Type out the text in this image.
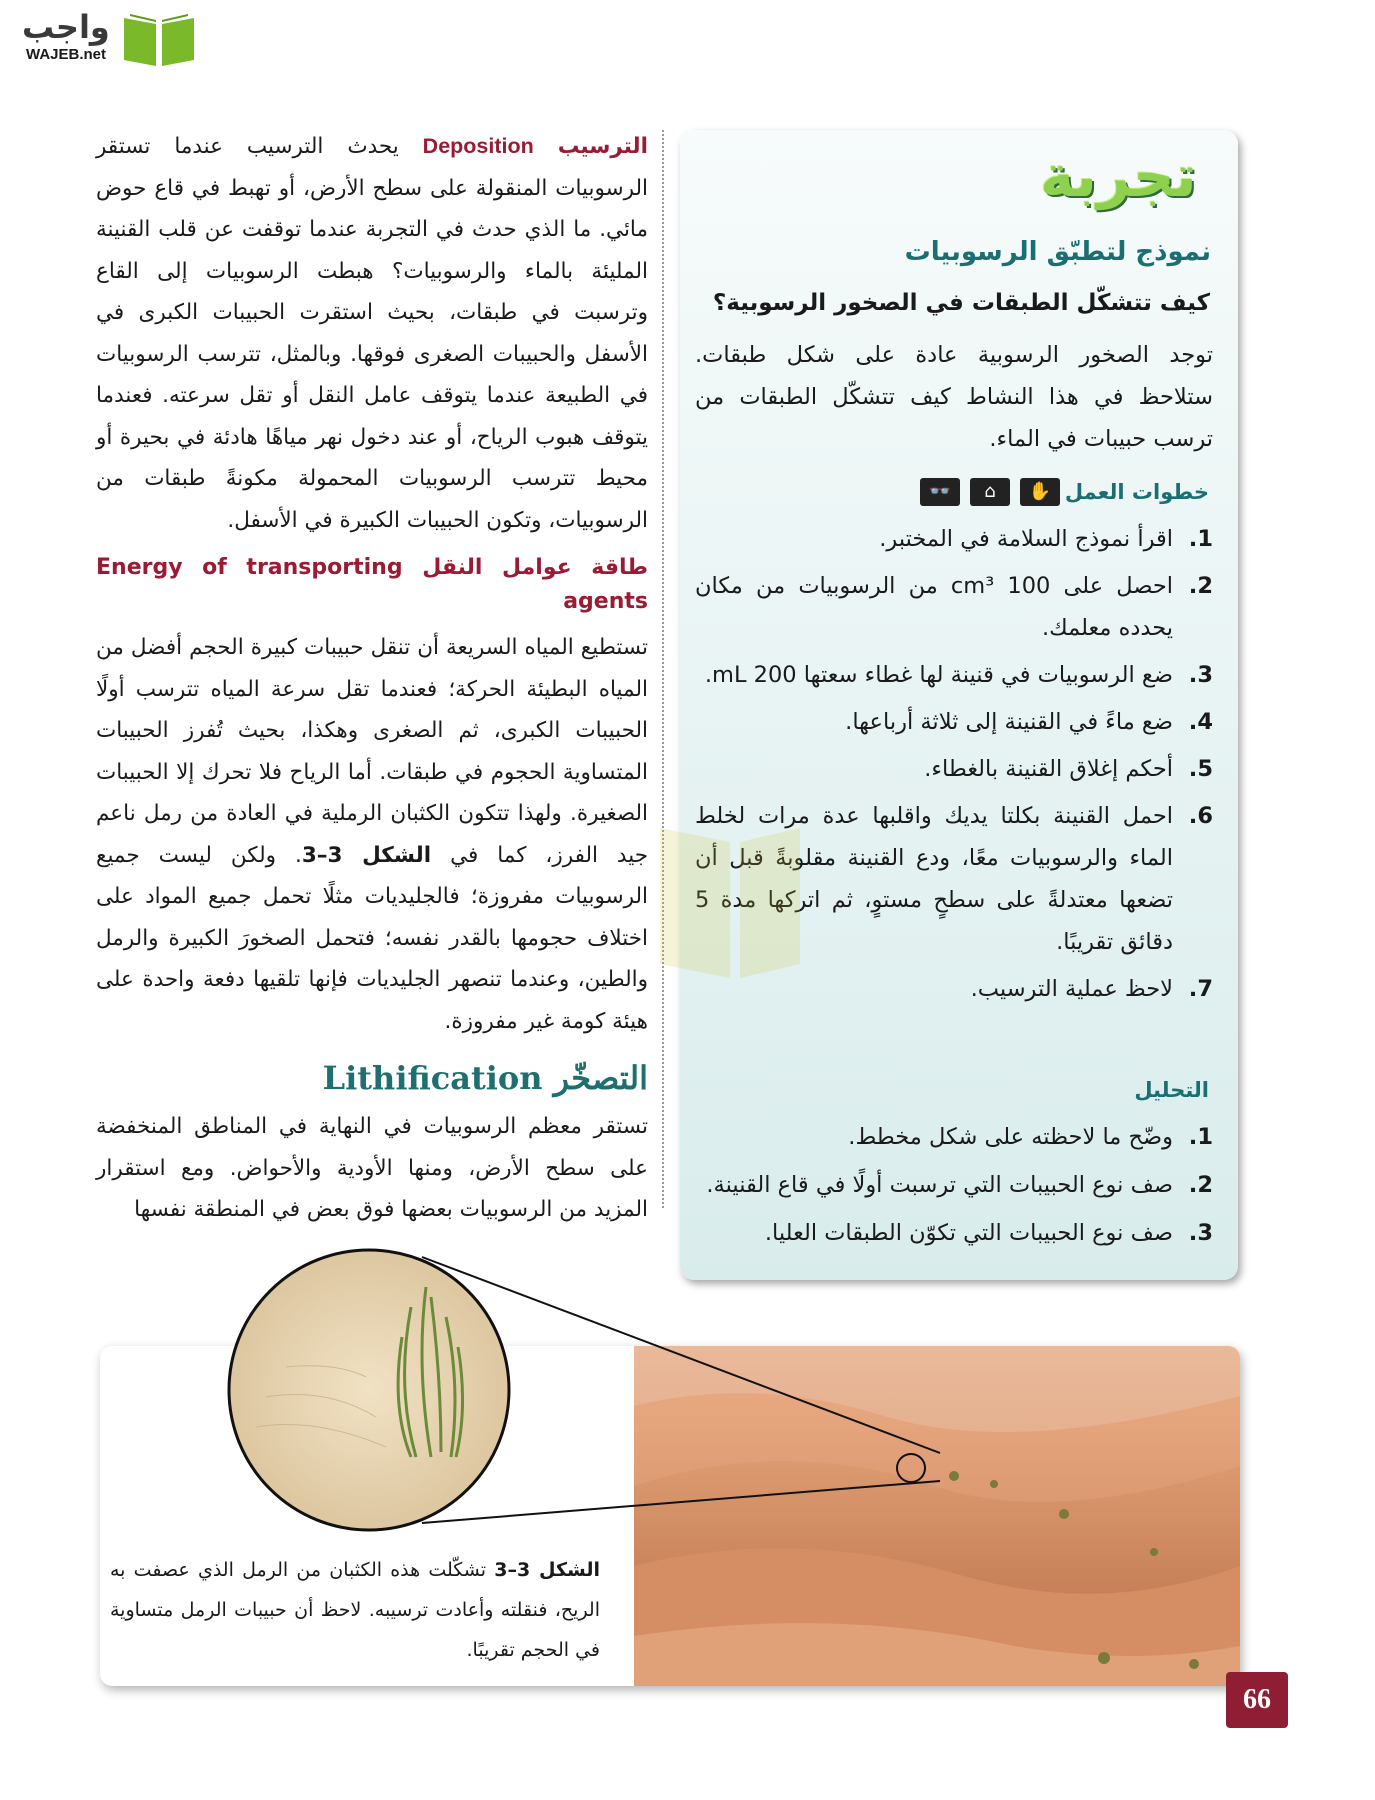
واجب
WAJEB.net

الترسيب Deposition يحدث الترسيب عندما تستقر الرسوبيات المنقولة على سطح الأرض، أو تهبط في قاع حوض مائي. ما الذي حدث في التجربة عندما توقفت عن قلب القنينة المليئة بالماء والرسوبيات؟ هبطت الرسوبيات إلى القاع وترسبت في طبقات، بحيث استقرت الحبيبات الكبرى في الأسفل والحبيبات الصغرى فوقها. وبالمثل، تترسب الرسوبيات في الطبيعة عندما يتوقف عامل النقل أو تقل سرعته. فعندما يتوقف هبوب الرياح، أو عند دخول نهر مياهًا هادئة في بحيرة أو محيط تترسب الرسوبيات المحمولة مكونةً طبقات من الرسوبيات، وتكون الحبيبات الكبيرة في الأسفل.

طاقة عوامل النقل Energy of transporting agents

تستطيع المياه السريعة أن تنقل حبيبات كبيرة الحجم أفضل من المياه البطيئة الحركة؛ فعندما تقل سرعة المياه تترسب أولًا الحبيبات الكبرى، ثم الصغرى وهكذا، بحيث تُفرز الحبيبات المتساوية الحجوم في طبقات. أما الرياح فلا تحرك إلا الحبيبات الصغيرة. ولهذا تتكون الكثبان الرملية في العادة من رمل ناعم جيد الفرز، كما في الشكل 3–3. ولكن ليست جميع الرسوبيات مفروزة؛ فالجليديات مثلًا تحمل جميع المواد على اختلاف حجومها بالقدر نفسه؛ فتحمل الصخورَ الكبيرة والرمل والطين، وعندما تنصهر الجليديات فإنها تلقيها دفعة واحدة على هيئة كومة غير مفروزة.

التصخّر Lithification

تستقر معظم الرسوبيات في النهاية في المناطق المنخفضة على سطح الأرض، ومنها الأودية والأحواض. ومع استقرار المزيد من الرسوبيات بعضها فوق بعض في المنطقة نفسها

تجربة
نموذج لتطبّق الرسوبيات
كيف تتشكّل الطبقات في الصخور الرسوبية؟

توجد الصخور الرسوبية عادة على شكل طبقات. ستلاحظ في هذا النشاط كيف تتشكّل الطبقات من ترسب حبيبات في الماء.

خطوات العمل
👓	⌂	✋
1.
اقرأ نموذج السلامة في المختبر.
2.
احصل على 100 cm³ من الرسوبيات من مكان يحدده معلمك.
3.
ضع الرسوبيات في قنينة لها غطاء سعتها 200 mL.
4.
ضع ماءً في القنينة إلى ثلاثة أرباعها.
5.
أحكم إغلاق القنينة بالغطاء.
6.
احمل القنينة بكلتا يديك واقلبها عدة مرات لخلط الماء والرسوبيات معًا، ودع القنينة مقلوبةً قبل أن تضعها معتدلةً على سطحٍ مستوٍ، ثم اتركها مدة 5 دقائق تقريبًا.
7.
لاحظ عملية الترسيب.
التحليل
1.
وضّح ما لاحظته على شكل مخطط.
2.
صف نوع الحبيبات التي ترسبت أولًا في قاع القنينة.
3.
صف نوع الحبيبات التي تكوّن الطبقات العليا.

الشكل 3–3 تشكّلت هذه الكثبان من الرمل الذي عصفت به الريح، فنقلته وأعادت ترسيبه. لاحظ أن حبيبات الرمل متساوية في الحجم تقريبًا.

66
